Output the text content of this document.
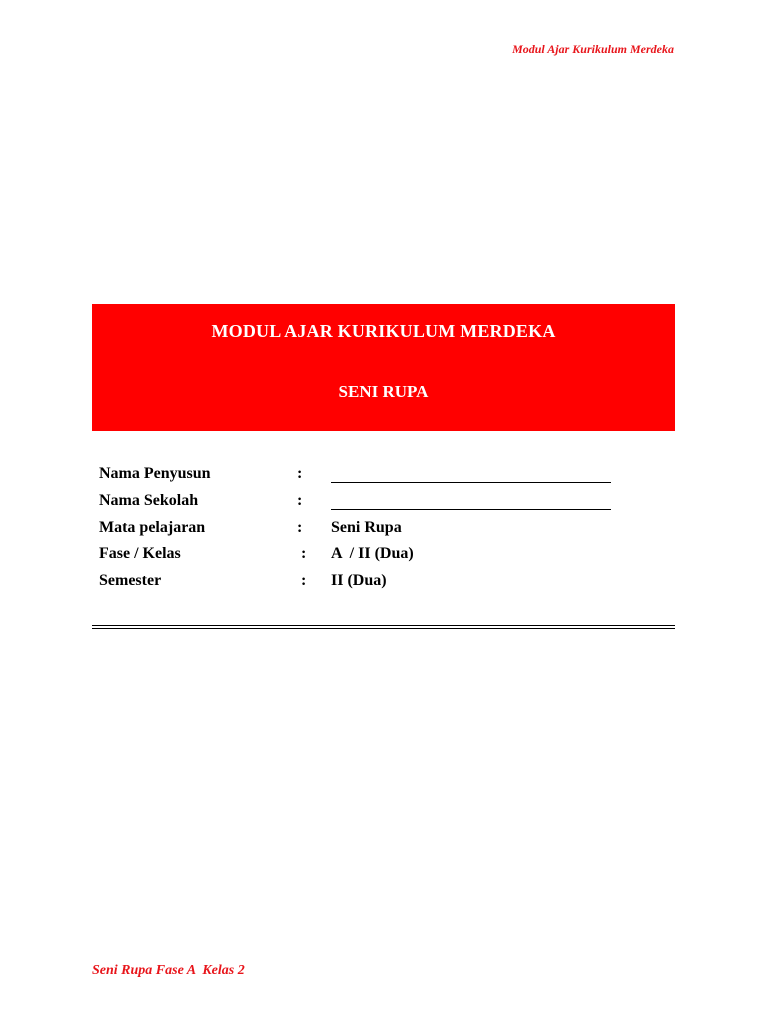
Modul Ajar Kurikulum Merdeka
MODUL AJAR KURIKULUM MERDEKA
SENI RUPA
Nama Penyusun	:
Nama Sekolah	:
Mata pelajaran	: Seni Rupa
Fase / Kelas	: A  / II (Dua)
Semester	: II (Dua)
Seni Rupa Fase A  Kelas 2
